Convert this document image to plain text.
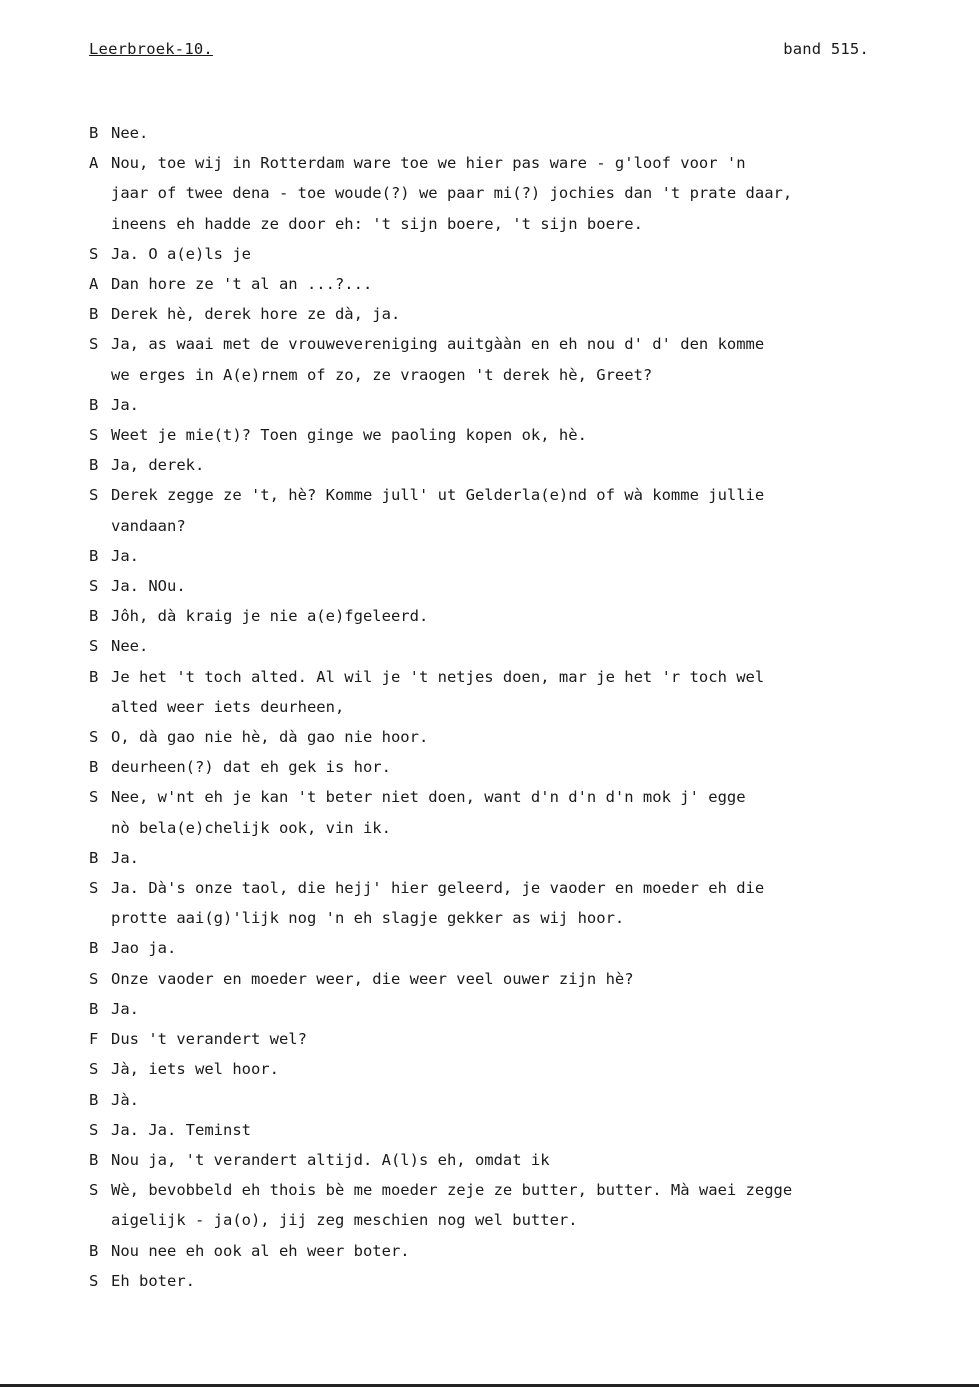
Leerbroek-10.	band 515.
B Nee.
A Nou, toe wij in Rotterdam ware toe we hier pas ware - g'loof voor 'n
jaar of twee dena - toe woude(?) we paar mi(?) jochies dan 't prate daar,
ineens eh hadde ze door eh: 't sijn boere, 't sijn boere.
S Ja. O a(e)ls je
A Dan hore ze 't al an ...?...
B Derek hè, derek hore ze dà, ja.
S Ja, as waai met de vrouwevereniging auitgààn en eh nou d' d' den komme
we erges in A(e)rnem of zo, ze vraogen 't derek hè, Greet?
B Ja.
S Weet je mie(t)? Toen ginge we paoling kopen ok, hè.
B Ja, derek.
S Derek zegge ze 't, hè? Komme jull' ut Gelderla(e)nd of wà komme jullie
vandaan?
B Ja.
S Ja. NOu.
B Jôh, dà kraig je nie a(e)fgeleerd.
S Nee.
B Je het 't toch alted. Al wil je 't netjes doen, mar je het 'r toch wel
alted weer iets deurheen,
S O, dà gao nie hè, dà gao nie hoor.
B deurheen(?) dat eh gek is hor.
S Nee, w'nt eh je kan 't beter niet doen, want d'n d'n d'n mok j' egge
nò bela(e)chelijk ook, vin ik.
B Ja.
S Ja. Dà's onze taol, die hejj' hier geleerd, je vaoder en moeder eh die
protte aai(g)'lijk nog 'n eh slagje gekker as wij hoor.
B Jao ja.
S Onze vaoder en moeder weer, die weer veel ouwer zijn hè?
B Ja.
F Dus 't verandert wel?
S Jà, iets wel hoor.
B Jà.
S Ja. Ja. Teminst
B Nou ja, 't verandert altijd. A(l)s eh, omdat ik
S Wè, bevobbeld eh thois bè me moeder zeje ze butter, butter. Mà waei zegge
aigelijk - ja(o), jij zeg meschien nog wel butter.
B Nou nee eh ook al eh weer boter.
S Eh boter.
